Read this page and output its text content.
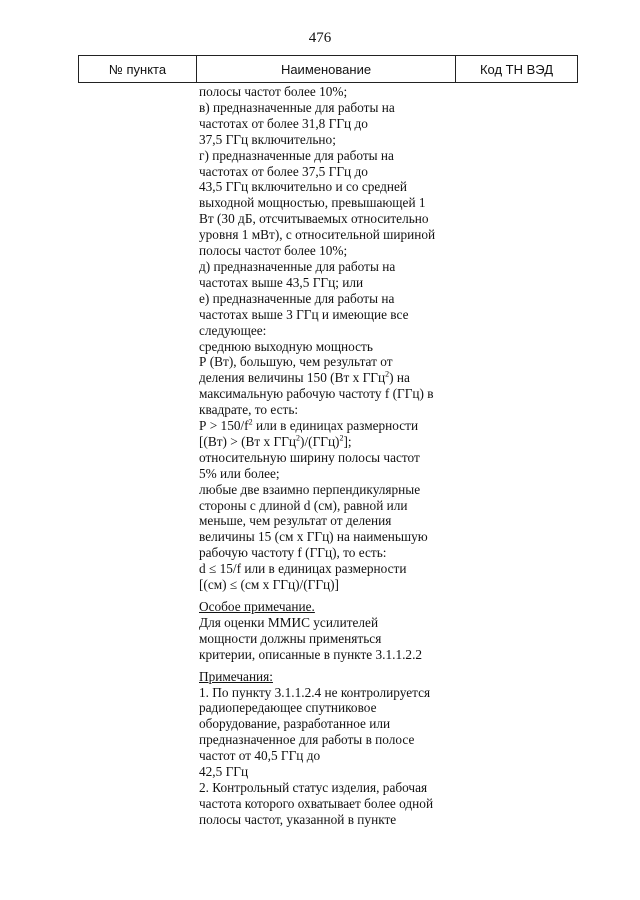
476
№ пункта	Наименование	Код ТН ВЭД
полосы частот более 10%;
в) предназначенные для работы на
частотах от более 31,8 ГГц до
37,5 ГГц включительно;
г) предназначенные для работы на
частотах от более 37,5 ГГц до
43,5 ГГц включительно и со средней
выходной мощностью, превышающей 1
Вт (30 дБ, отсчитываемых относительно
уровня 1 мВт), с относительной шириной
полосы частот более 10%;
д) предназначенные для работы на
частотах выше 43,5 ГГц; или
е) предназначенные для работы на
частотах выше 3 ГГц и имеющие все
следующее:
среднюю выходную мощность
Р (Вт), большую, чем результат от
деления величины 150 (Вт х ГГц$^2$) на
максимальную рабочую частоту f (ГГц) в
квадрате, то есть:
$Р > 150/f^2$ или в единицах размерности
[(Вт) > (Вт х ГГц$^2$)/(ГГц)$^2$];
относительную ширину полосы частот
5% или более;
любые две взаимно перпендикулярные
стороны с длиной d (см), равной или
меньше, чем результат от деления
величины 15 (см х ГГц) на наименьшую
рабочую частоту f (ГГц), то есть:
d ≤ 15/f или в единицах размерности
[(см) ≤ (см х ГГц)/(ГГц)]
Особое примечание.
Для оценки ММИС усилителей
мощности должны применяться
критерии, описанные в пункте 3.1.1.2.2
Примечания:
1. По пункту 3.1.1.2.4 не контролируется
радиопередающее спутниковое
оборудование, разработанное или
предназначенное для работы в полосе
частот от 40,5 ГГц до
42,5 ГГц
2. Контрольный статус изделия, рабочая
частота которого охватывает более одной
полосы частот, указанной в пункте
